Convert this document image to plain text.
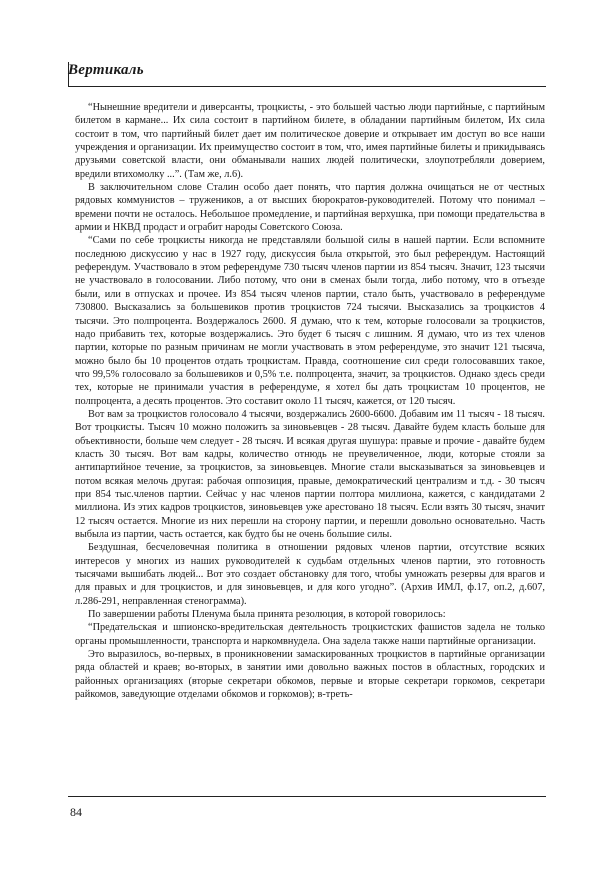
Вертикаль

“Нынешние вредители и диверсанты, троцкисты, - это большей частью люди партийные, с партийным билетом в кармане... Их сила состоит в партийном билете, в обладании партийным билетом, Их сила состоит в том, что партийный билет дает им политическое доверие и открывает им доступ во все наши учреждения и организации. Их преимущество состоит в том, что, имея партийные билеты и прикидываясь друзьями советской власти, они обманывали наших людей политически, злоупотребляли доверием, вредили втихомолку ...”. (Там же, л.6).

В заключительном слове Сталин особо дает понять, что партия должна очищаться не от честных рядовых коммунистов – тружеников, а от высших бюрократов-руководителей. Потому что понимал – времени почти не осталось. Небольшое промедление, и партийная верхушка, при помощи предательства в армии и НКВД продаст и ограбит народы Советского Союза.

“Сами по себе троцкисты никогда не представляли большой силы в нашей партии. Если вспомните последнюю дискуссию у нас в 1927 году, дискуссия была открытой, это был референдум. Настоящий референдум. Участвовало в этом референдуме 730 тысяч членов партии из 854 тысяч. Значит, 123 тысячи не участвовало в голосовании. Либо потому, что они в сменах были тогда, либо потому, что в отъезде были, или в отпусках и прочее. Из 854 тысяч членов партии, стало быть, участвовало в референдуме 730800. Высказались за большевиков против троцкистов 724 тысячи. Высказались за троцкистов 4 тысячи. Это полпроцента. Воздержалось 2600. Я думаю, что к тем, которые голосовали за троцкистов, надо прибавить тех, которые воздержались. Это будет 6 тысяч с лишним. Я думаю, что из тех членов партии, которые по разным причинам не могли участвовать в этом референдуме, это значит 121 тысяча, можно было бы 10 процентов отдать троцкистам. Правда, соотношение сил среди голосовавших такое, что 99,5% голосовало за большевиков и 0,5% т.е. полпроцента, значит, за троцкистов. Однако здесь среди тех, которые не принимали участия в референдуме, я хотел бы дать троцкистам 10 процентов, не полпроцента, а десять процентов. Это составит около 11 тысяч, кажется, от 120 тысяч.

Вот вам за троцкистов голосовало 4 тысячи, воздержались 2600-6600. Добавим им 11 тысяч - 18 тысяч. Вот троцкисты. Тысяч 10 можно положить за зиновьевцев - 28 тысяч. Давайте будем класть больше для объективности, больше чем следует - 28 тысяч. И всякая другая шушура: правые и прочие - давайте будем класть 30 тысяч. Вот вам кадры, количество отнюдь не преувеличенное, люди, которые стояли за антипартийное течение, за троцкистов, за зиновьевцев. Многие стали высказываться за зиновьевцев и потом всякая мелочь другая: рабочая оппозиция, правые, демократический централизм и т.д. - 30 тысяч при 854 тыс.членов партии. Сейчас у нас членов партии полтора миллиона, кажется, с кандидатами 2 миллиона. Из этих кадров троцкистов, зиновьевцев уже арестовано 18 тысяч. Если взять 30 тысяч, значит 12 тысяч остается. Многие из них перешли на сторону партии, и перешли довольно основательно. Часть выбыла из партии, часть остается, как будто бы не очень большие силы.

Бездушная, бесчеловечная политика в отношении рядовых членов партии, отсутствие всяких интересов у многих из наших руководителей к судьбам отдельных членов партии, это готовность тысячами вышибать людей... Вот это создает обстановку для того, чтобы умножать резервы для врагов и для правых и для троцкистов, и для зиновьевцев, и для кого угодно”. (Архив ИМЛ, ф.17, оп.2, д.607, л.286-291, неправленная стенограмма).

По завершении работы Пленума была принята резолюция, в которой говорилось:

“Предательская и шпионско-вредительская деятельность троцкистских фашистов задела не только органы промышленности, транспорта и наркомвнудела. Она задела также наши партийные организации.

Это выразилось, во-первых, в проникновении замаскированных троцкистов в партийные организации ряда областей и краев; во-вторых, в занятии ими довольно важных постов в областных, городских и районных организациях (вторые секретари обкомов, первые и вторые секретари горкомов, секретари райкомов, заведующие отделами обкомов и горкомов); в-треть-

84
